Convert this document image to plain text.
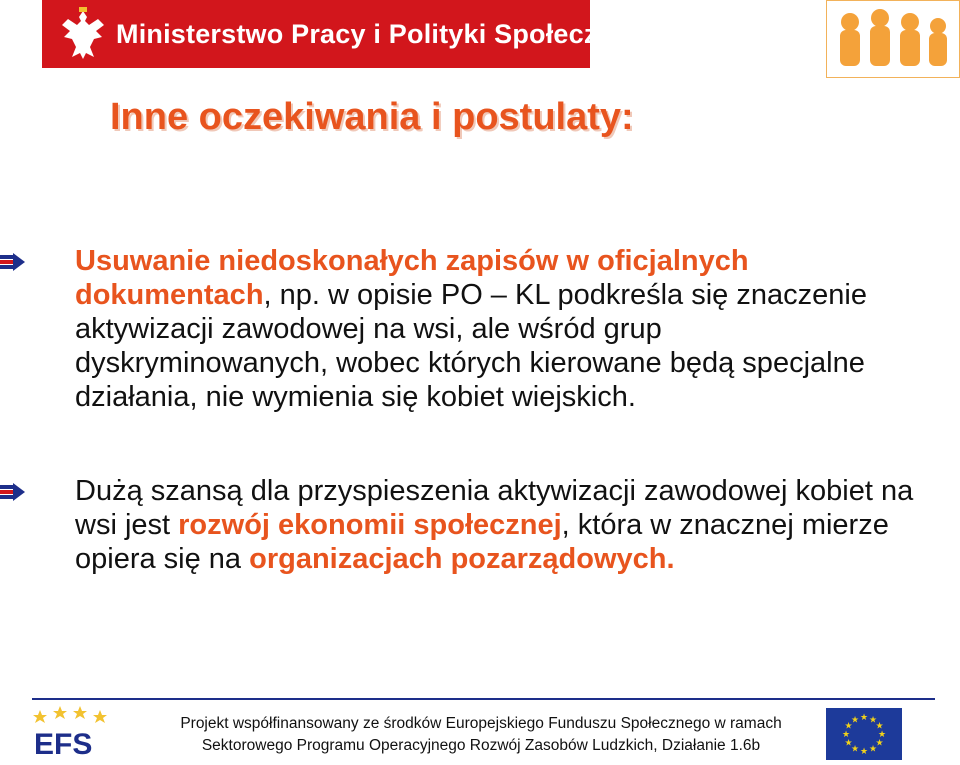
Ministerstwo Pracy i Polityki Społecznej
Inne oczekiwania i postulaty:
Usuwanie niedoskonałych zapisów w oficjalnych dokumentach, np. w opisie PO – KL podkreśla się znaczenie aktywizacji zawodowej na wsi, ale wśród grup dyskryminowanych, wobec których kierowane będą specjalne działania, nie wymienia się kobiet wiejskich.
Dużą szansą dla przyspieszenia aktywizacji zawodowej kobiet na wsi jest rozwój ekonomii społecznej, która w znacznej mierze opiera się na organizacjach pozarządowych.
EFS
Projekt współfinansowany ze środków Europejskiego Funduszu Społecznego w ramach
Sektorowego Programu Operacyjnego Rozwój Zasobów Ludzkich, Działanie 1.6b
★ ★
★
★
★
★
★
★
★
★
★
★
